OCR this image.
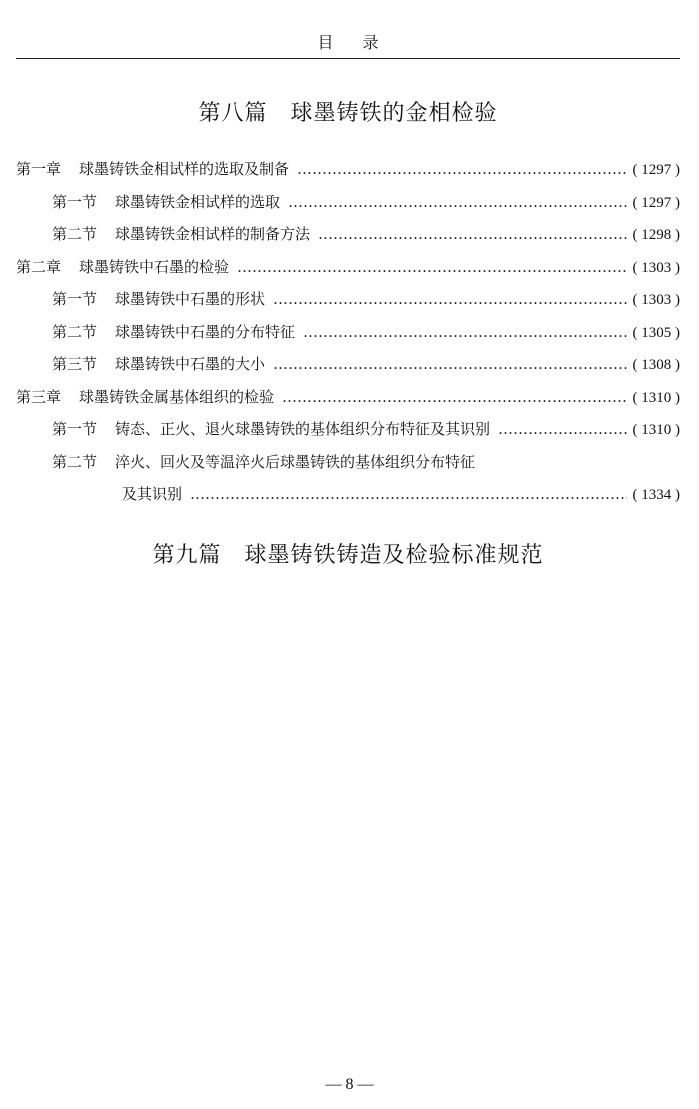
目 录
第八篇　球墨铸铁的金相检验
第一章 球墨铸铁金相试样的选取及制备 ………………………………………………………………………………………………………………………………………………	( 1297 )
第一节 球墨铸铁金相试样的选取 ………………………………………………………………………………………………………………………………………………	( 1297 )
第二节 球墨铸铁金相试样的制备方法 ………………………………………………………………………………………………………………………………………………	( 1298 )
第二章 球墨铸铁中石墨的检验 ………………………………………………………………………………………………………………………………………………	( 1303 )
第一节 球墨铸铁中石墨的形状 ………………………………………………………………………………………………………………………………………………	( 1303 )
第二节 球墨铸铁中石墨的分布特征 ………………………………………………………………………………………………………………………………………………	( 1305 )
第三节 球墨铸铁中石墨的大小 ………………………………………………………………………………………………………………………………………………	( 1308 )
第三章 球墨铸铁金属基体组织的检验 ………………………………………………………………………………………………………………………………………………	( 1310 )
第一节 铸态、正火、退火球墨铸铁的基体组织分布特征及其识别 ………………………………………………………………………………………………………………………………………………	( 1310 )
第二节 淬火、回火及等温淬火后球墨铸铁的基体组织分布特征
及其识别 ………………………………………………………………………………………………………………………………………………	( 1334 )
第九篇　球墨铸铁铸造及检验标准规范
— 8 —
